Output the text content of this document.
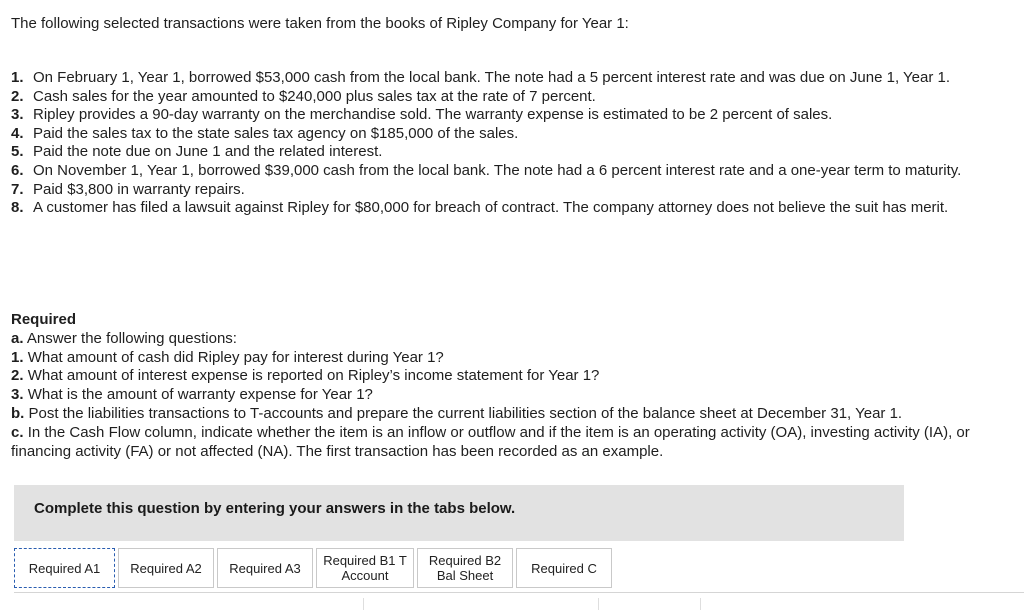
The following selected transactions were taken from the books of Ripley Company for Year 1:
1. On February 1, Year 1, borrowed $53,000 cash from the local bank. The note had a 5 percent interest rate and was due on June 1, Year 1.
2. Cash sales for the year amounted to $240,000 plus sales tax at the rate of 7 percent.
3. Ripley provides a 90-day warranty on the merchandise sold. The warranty expense is estimated to be 2 percent of sales.
4. Paid the sales tax to the state sales tax agency on $185,000 of the sales.
5. Paid the note due on June 1 and the related interest.
6. On November 1, Year 1, borrowed $39,000 cash from the local bank. The note had a 6 percent interest rate and a one-year term to maturity.
7. Paid $3,800 in warranty repairs.
8. A customer has filed a lawsuit against Ripley for $80,000 for breach of contract. The company attorney does not believe the suit has merit.

Required

a. Answer the following questions:

1. What amount of cash did Ripley pay for interest during Year 1?

2. What amount of interest expense is reported on Ripley’s income statement for Year 1?

3. What is the amount of warranty expense for Year 1?

b. Post the liabilities transactions to T-accounts and prepare the current liabilities section of the balance sheet at December 31, Year 1.

c. In the Cash Flow column, indicate whether the item is an inflow or outflow and if the item is an operating activity (OA), investing activity (IA), or financing activity (FA) or not affected (NA). The first transaction has been recorded as an example.

Complete this question by entering your answers in the tabs below.
Required A1 Required A2 Required A3 Required B1 T
Account
Required B2
Bal Sheet	Required C
